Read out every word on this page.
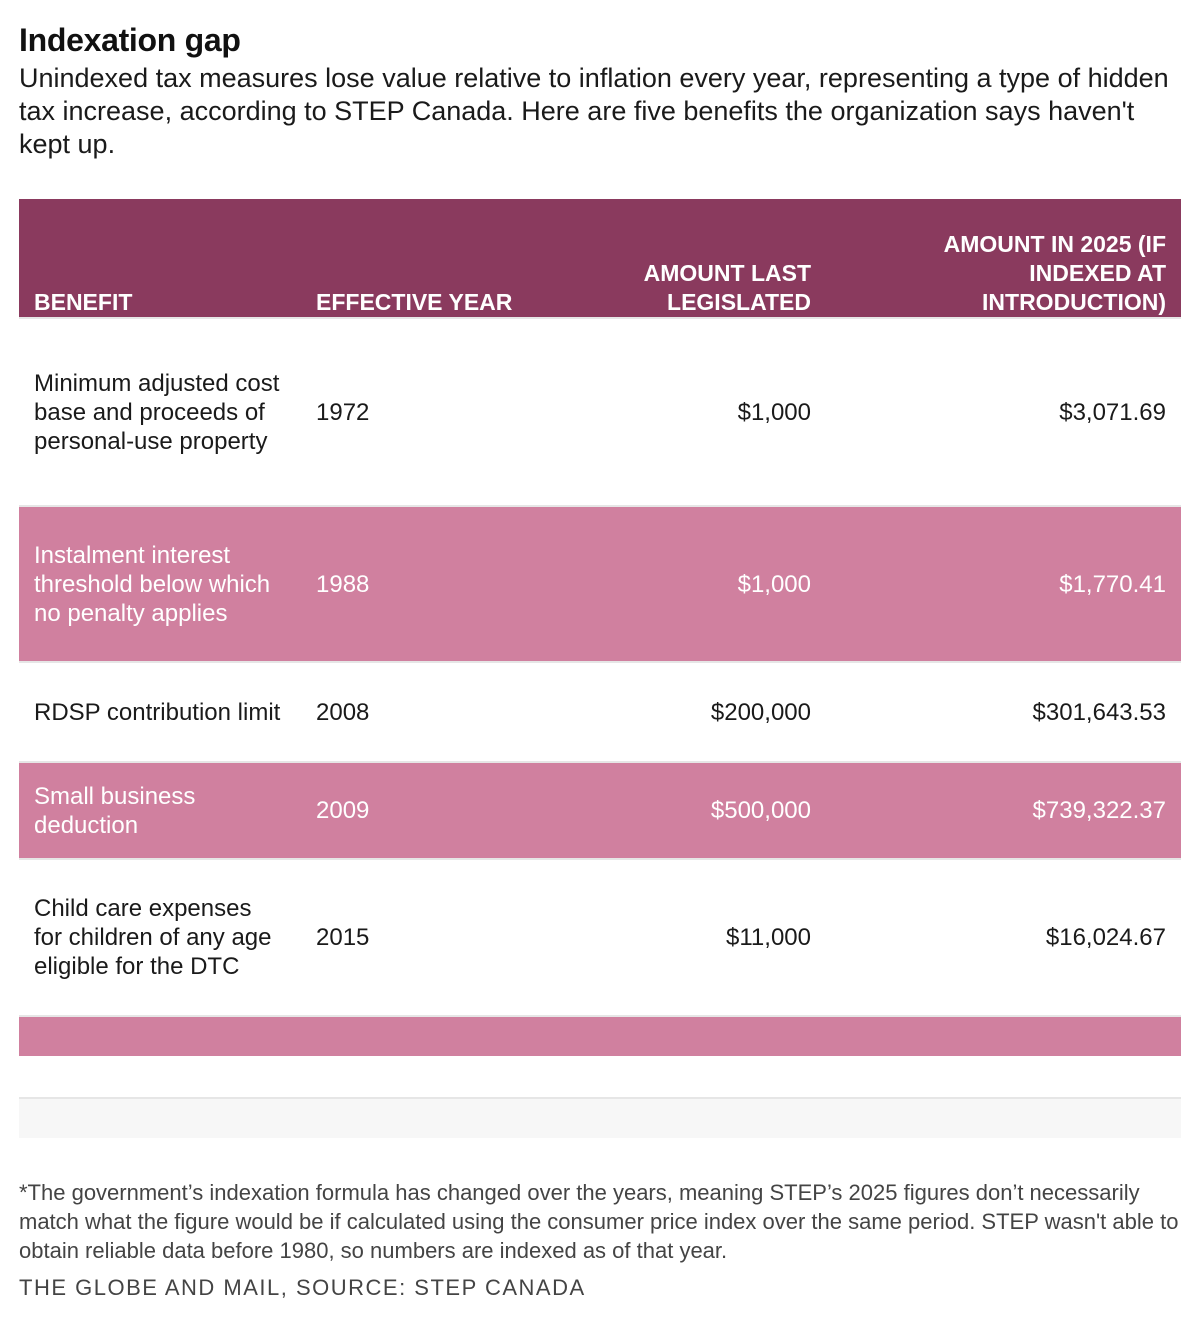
Indexation gap

Unindexed tax measures lose value relative to inflation every year, representing a type of hidden tax increase, according to STEP Canada. Here are five benefits the organization says haven't kept up.

BENEFIT	EFFECTIVE YEAR	AMOUNT LAST LEGISLATED	AMOUNT IN 2025 (IF INDEXED AT INTRODUCTION)
Minimum adjusted cost base and proceeds of personal-use property	1972	$1,000	$3,071.69
Instalment interest threshold below which no penalty applies	1988	$1,000	$1,770.41
RDSP contribution limit	2008	$200,000	$301,643.53
Small business deduction	2009	$500,000	$739,322.37
Child care expenses for children of any age eligible for the DTC	2015	$11,000	$16,024.67

*The government’s indexation formula has changed over the years, meaning STEP’s 2025 figures don’t necessarily match what the figure would be if calculated using the consumer price index over the same period. STEP wasn't able to obtain reliable data before 1980, so numbers are indexed as of that year.

THE GLOBE AND MAIL, SOURCE: STEP CANADA
